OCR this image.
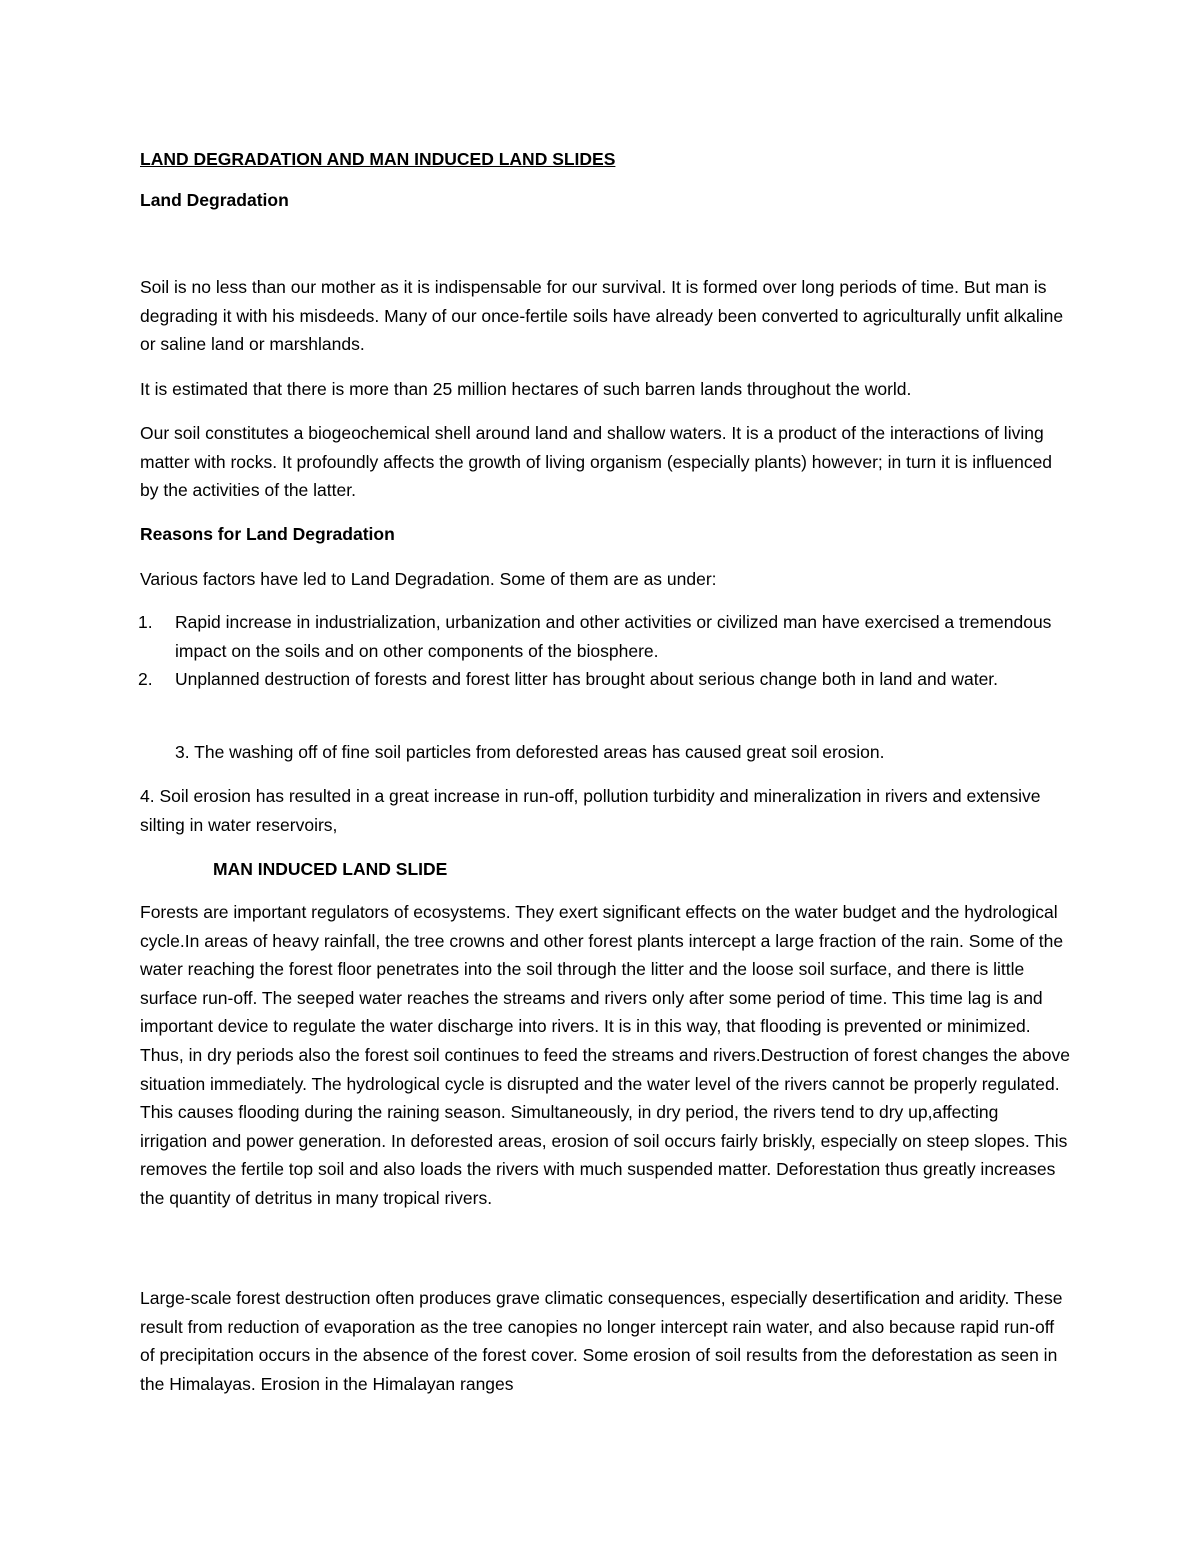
LAND DEGRADATION AND MAN INDUCED LAND SLIDES

Land Degradation

Soil is no less than our mother as it is indispensable for our survival. It is formed over long periods of time. But man is degrading it with his misdeeds. Many of our once-fertile soils have already been converted to agriculturally unfit alkaline or saline land or marshlands.

It is estimated that there is more than 25 million hectares of such barren lands throughout the world.

Our soil constitutes a biogeochemical shell around land and shallow waters. It is a product of the interactions of living matter with rocks. It profoundly affects the growth of living organism (especially plants) however; in turn it is influenced by the activities of the latter.

Reasons for Land Degradation

Various factors have led to Land Degradation. Some of them are as under:

1. Rapid increase in industrialization, urbanization and other activities or civilized man have exercised a tremendous impact on the soils and on other components of the biosphere.
2. Unplanned destruction of forests and forest litter has brought about serious change both in land and water.

3. The washing off of fine soil particles from deforested areas has caused great soil erosion.

4. Soil erosion has resulted in a great increase in run-off, pollution turbidity and mineralization in rivers and extensive silting in water reservoirs,

MAN INDUCED LAND SLIDE

Forests are important regulators of ecosystems. They exert significant effects on the water budget and the hydrological cycle.In areas of heavy rainfall, the tree crowns and other forest plants intercept a large fraction of the rain. Some of the water reaching the forest floor penetrates into the soil through the litter and the loose soil surface, and there is little surface run-off. The seeped water reaches the streams and rivers only after some period of time. This time lag is and important device to regulate the water discharge into rivers. It is in this way, that flooding is prevented or minimized. Thus, in dry periods also the forest soil continues to feed the streams and rivers.Destruction of forest changes the above situation immediately. The hydrological cycle is disrupted and the water level of the rivers cannot be properly regulated. This causes flooding during the raining season. Simultaneously, in dry period, the rivers tend to dry up,affecting irrigation and power generation. In deforested areas, erosion of soil occurs fairly briskly, especially on steep slopes. This removes the fertile top soil and also loads the rivers with much suspended matter. Deforestation thus greatly increases the quantity of detritus in many tropical rivers.

Large-scale forest destruction often produces grave climatic consequences, especially desertification and aridity. These result from reduction of evaporation as the tree canopies no longer intercept rain water, and also because rapid run-off of precipitation occurs in the absence of the forest cover. Some erosion of soil results from the deforestation as seen in the Himalayas. Erosion in the Himalayan ranges
